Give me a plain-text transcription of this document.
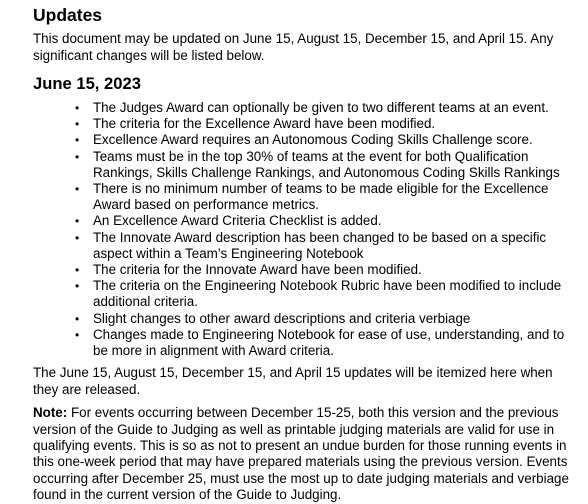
Updates

This document may be updated on June 15, August 15, December 15, and April 15. Any significant changes will be listed below.

June 15, 2023
• The Judges Award can optionally be given to two different teams at an event.
• The criteria for the Excellence Award have been modified.
• Excellence Award requires an Autonomous Coding Skills Challenge score.
• Teams must be in the top 30% of teams at the event for both Qualification Rankings, Skills Challenge Rankings, and Autonomous Coding Skills Rankings
• There is no minimum number of teams to be made eligible for the Excellence Award based on performance metrics.
• An Excellence Award Criteria Checklist is added.
• The Innovate Award description has been changed to be based on a specific aspect within a Team’s Engineering Notebook
• The criteria for the Innovate Award have been modified.
• The criteria on the Engineering Notebook Rubric have been modified to include additional criteria.
• Slight changes to other award descriptions and criteria verbiage
• Changes made to Engineering Notebook for ease of use, understanding, and to be more in alignment with Award criteria.

The June 15, August 15, December 15, and April 15 updates will be itemized here when they are released.

Note: For events occurring between December 15-25, both this version and the previous version of the Guide to Judging as well as printable judging materials are valid for use in qualifying events. This is so as not to present an undue burden for those running events in this one-week period that may have prepared materials using the previous version. Events occurring after December 25, must use the most up to date judging materials and verbiage found in the current version of the Guide to Judging.
